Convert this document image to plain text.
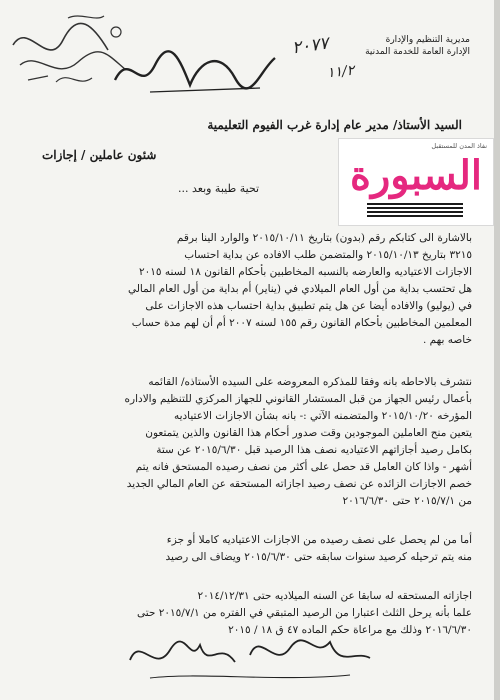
٢٠٧٧
١١/٢
مديرية التنظيم والإدارة
الإدارة العامة للخدمة المدنية
السيد الأستاذ/ مدير عام إدارة غرب الفيوم التعليمية
شئون عاملين / إجازات
نفاذ المدن للمستقبل
السبورة
تحية طيبة وبعد ...
بالاشارة الى كتابكم رقم (بدون) بتاريخ ٢٠١٥/١٠/١١ والوارد الينا برقم
٣٢١٥ بتاريخ ٢٠١٥/١٠/١٣ والمتضمن طلب الافاده عن بداية احتساب
الاجازات الاعتياديه والعارضه بالنسبه المخاطبين بأحكام القانون ١٨ لسنه ٢٠١٥
هل تحتسب بداية من أول العام الميلادي في (يناير) أم بداية من أول العام المالي
في (يوليو) والافاده أيضا عن هل يتم تطبيق بداية احتساب هذه الاجازات على
المعلمين المخاطبين بأحكام القانون رقم ١٥٥ لسنه ٢٠٠٧ أم أن لهم مدة حساب
خاصه بهم .
نتشرف بالاحاطه بانه وفقا للمذكره المعروضه على السيده الأستاذه/ القائمه
بأعمال رئيس الجهاز من قبل المستشار القانوني للجهاز المركزي للتنظيم والاداره
المؤرخه ٢٠١٥/١٠/٢٠ والمتضمنه الآتي :- بانه بشأن الاجازات الاعتياديه
يتعين منح العاملين الموجودين وقت صدور أحكام هذا القانون والذين يتمتعون
بكامل رصيد أجازاتهم الاعتياديه نصف هذا الرصيد قبل ٢٠١٥/٦/٣٠ عن ستة
أشهر - واذا كان العامل قد حصل على أكثر من نصف رصيده المستحق فانه يتم
خصم الاجازات الزائده عن نصف رصيد اجازاته المستحقه عن العام المالي الجديد
من ٢٠١٥/٧/١ حتى ٢٠١٦/٦/٣٠
أما من لم يحصل على نصف رصيده من الاجازات الاعتياديه كاملا أو جزء
منه يتم ترحيله كرصيد سنوات سابقه حتى ٢٠١٥/٦/٣٠ ويضاف الى رصيد
اجازاته المستحقه له سابقا عن السنه الميلاديه حتى ٢٠١٤/١٢/٣١
علما بأنه يرحل الثلث اعتبارا من الرصيد المتبقي في الفتره من ٢٠١٥/٧/١ حتى
٢٠١٦/٦/٣٠ وذلك مع مراعاة حكم الماده ٤٧ ق ١٨ / ٢٠١٥
